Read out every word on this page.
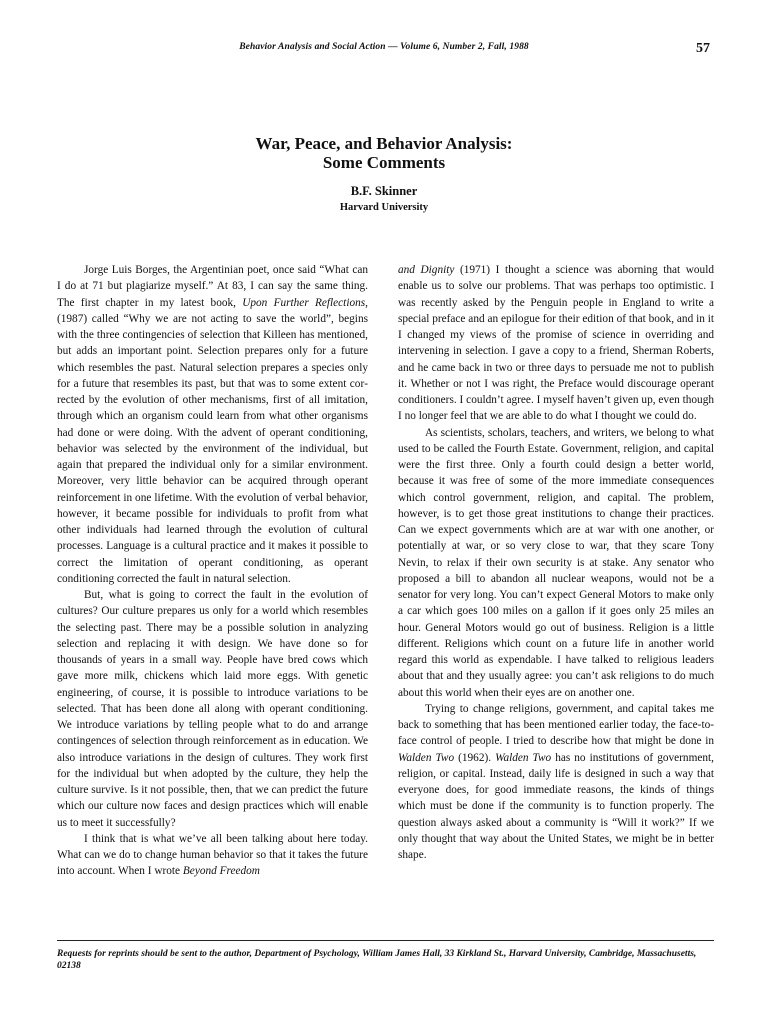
Behavior Analysis and Social Action — Volume 6, Number 2, Fall, 1988	57
War, Peace, and Behavior Analysis:
Some Comments
B.F. Skinner
Harvard University

Jorge Luis Borges, the Argentinian poet, once said “What can I do at 71 but plagiarize myself.” At 83, I can say the same thing. The first chapter in my latest book, Upon Further Reflections, (1987) called “Why we are not acting to save the world”, begins with the three contingencies of selection that Killeen has mentioned, but adds an important point. Selection prepares only for a future which resembles the past. Natural selection prepares a species only for a future that resembles its past, but that was to some extent corrected by the evolution of other mechanisms, first of all imitation, through which an organism could learn from what other organisms had done or were doing. With the advent of operant conditioning, behavior was selected by the environment of the individual, but again that prepared the individual only for a similar environment. Moreover, very little behavior can be acquired through operant reinforcement in one lifetime. With the evolution of verbal behavior, however, it became possible for individuals to profit from what other individuals had learned through the evolution of cultural processes. Language is a cultural practice and it makes it possible to correct the limitation of operant conditioning, as operant conditioning corrected the fault in natural selection.

But, what is going to correct the fault in the evolution of cultures? Our culture prepares us only for a world which resembles the selecting past. There may be a possible solution in analyzing selection and replacing it with design. We have done so for thousands of years in a small way. People have bred cows which gave more milk, chickens which laid more eggs. With genetic engineering, of course, it is possible to introduce variations to be selected. That has been done all along with operant conditioning. We introduce variations by telling people what to do and arrange contingences of selection through reinforcement as in education. We also introduce variations in the design of cultures. They work first for the individual but when adopted by the culture, they help the culture survive. Is it not possible, then, that we can predict the future which our culture now faces and design practices which will enable us to meet it successfully?

I think that is what we’ve all been talking about here today. What can we do to change human behavior so that it takes the future into account. When I wrote Beyond Freedom

and Dignity (1971) I thought a science was aborning that would enable us to solve our problems. That was perhaps too optimistic. I was recently asked by the Penguin people in England to write a special preface and an epilogue for their edition of that book, and in it I changed my views of the promise of science in overriding and intervening in selection. I gave a copy to a friend, Sherman Roberts, and he came back in two or three days to persuade me not to publish it. Whether or not I was right, the Preface would discourage operant conditioners. I couldn’t agree. I myself haven’t given up, even though I no longer feel that we are able to do what I thought we could do.

As scientists, scholars, teachers, and writers, we belong to what used to be called the Fourth Estate. Government, religion, and capital were the first three. Only a fourth could design a better world, because it was free of some of the more immediate consequences which control government, religion, and capital. The problem, however, is to get those great institutions to change their practices. Can we expect governments which are at war with one another, or potentially at war, or so very close to war, that they scare Tony Nevin, to relax if their own security is at stake. Any senator who proposed a bill to abandon all nuclear weapons, would not be a senator for very long. You can’t expect General Motors to make only a car which goes 100 miles on a gallon if it goes only 25 miles an hour. General Motors would go out of business. Religion is a little different. Religions which count on a future life in another world regard this world as expendable. I have talked to religious leaders about that and they usually agree: you can’t ask religions to do much about this world when their eyes are on another one.

Trying to change religions, government, and capital takes me back to something that has been mentioned earlier today, the face-to-face control of people. I tried to describe how that might be done in Walden Two (1962). Walden Two has no institutions of government, religion, or capital. Instead, daily life is designed in such a way that everyone does, for good immediate reasons, the kinds of things which must be done if the community is to function properly. The question always asked about a community is “Will it work?” If we only thought that way about the United States, we might be in better shape.

Requests for reprints should be sent to the author, Department of Psychology, William James Hall, 33 Kirkland St., Harvard University, Cambridge, Massachusetts, 02138
